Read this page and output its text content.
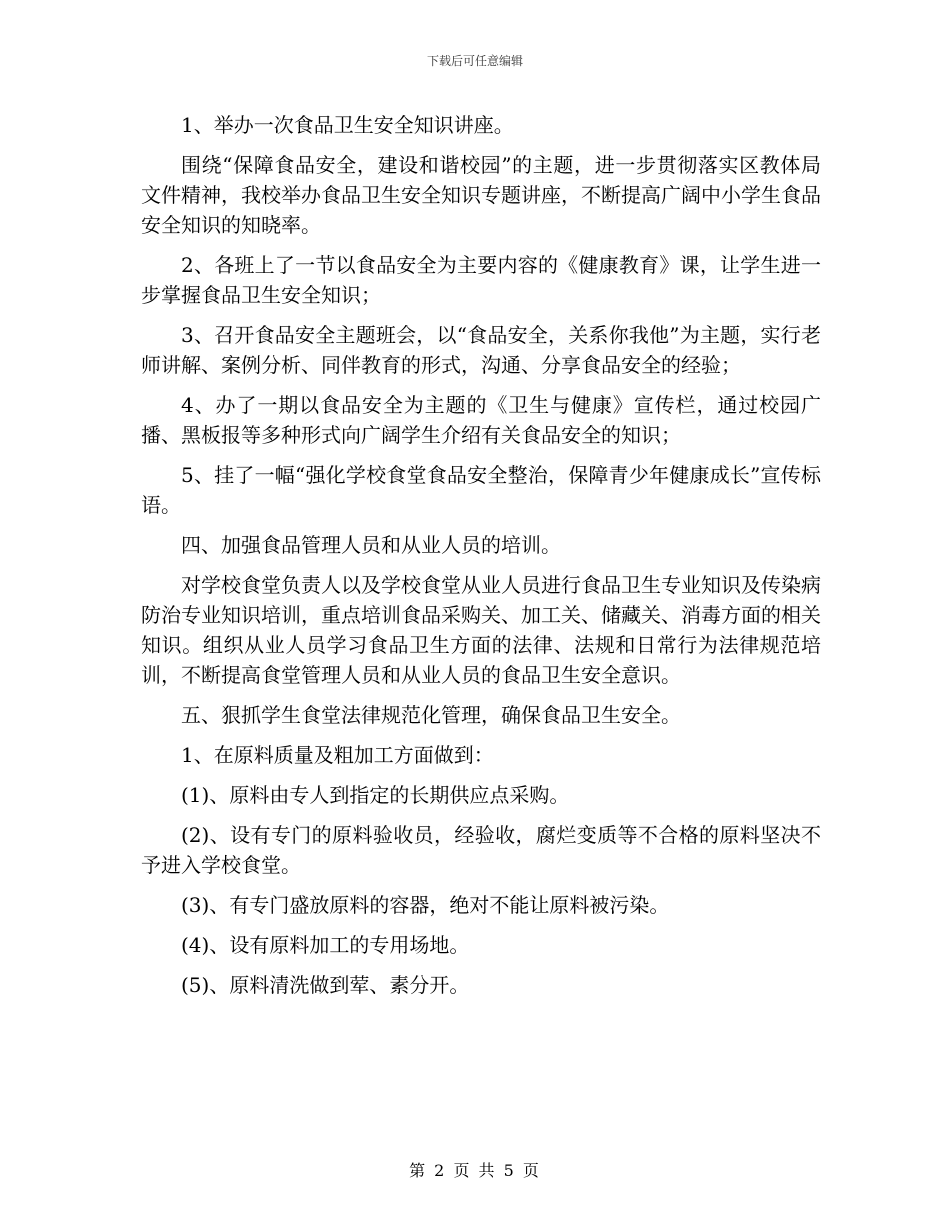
下载后可任意编辑

1、举办一次食品卫生安全知识讲座。

围绕“保障食品安全，建设和谐校园”的主题，进一步贯彻落实区教体局文件精神，我校举办食品卫生安全知识专题讲座，不断提高广阔中小学生食品安全知识的知晓率。

2、各班上了一节以食品安全为主要内容的《健康教育》课，让学生进一步掌握食品卫生安全知识；

3、召开食品安全主题班会，以“食品安全，关系你我他”为主题，实行老师讲解、案例分析、同伴教育的形式，沟通、分享食品安全的经验；

4、办了一期以食品安全为主题的《卫生与健康》宣传栏，通过校园广播、黑板报等多种形式向广阔学生介绍有关食品安全的知识；

5、挂了一幅“强化学校食堂食品安全整治，保障青少年健康成长”宣传标语。

四、加强食品管理人员和从业人员的培训。

对学校食堂负责人以及学校食堂从业人员进行食品卫生专业知识及传染病防治专业知识培训，重点培训食品采购关、加工关、储藏关、消毒方面的相关知识。组织从业人员学习食品卫生方面的法律、法规和日常行为法律规范培训，不断提高食堂管理人员和从业人员的食品卫生安全意识。

五、狠抓学生食堂法律规范化管理，确保食品卫生安全。

1、在原料质量及粗加工方面做到：

(1)、原料由专人到指定的长期供应点采购。

(2)、设有专门的原料验收员，经验收，腐烂变质等不合格的原料坚决不予进入学校食堂。

(3)、有专门盛放原料的容器，绝对不能让原料被污染。

(4)、设有原料加工的专用场地。

(5)、原料清洗做到荤、素分开。

第 2 页 共 5 页
